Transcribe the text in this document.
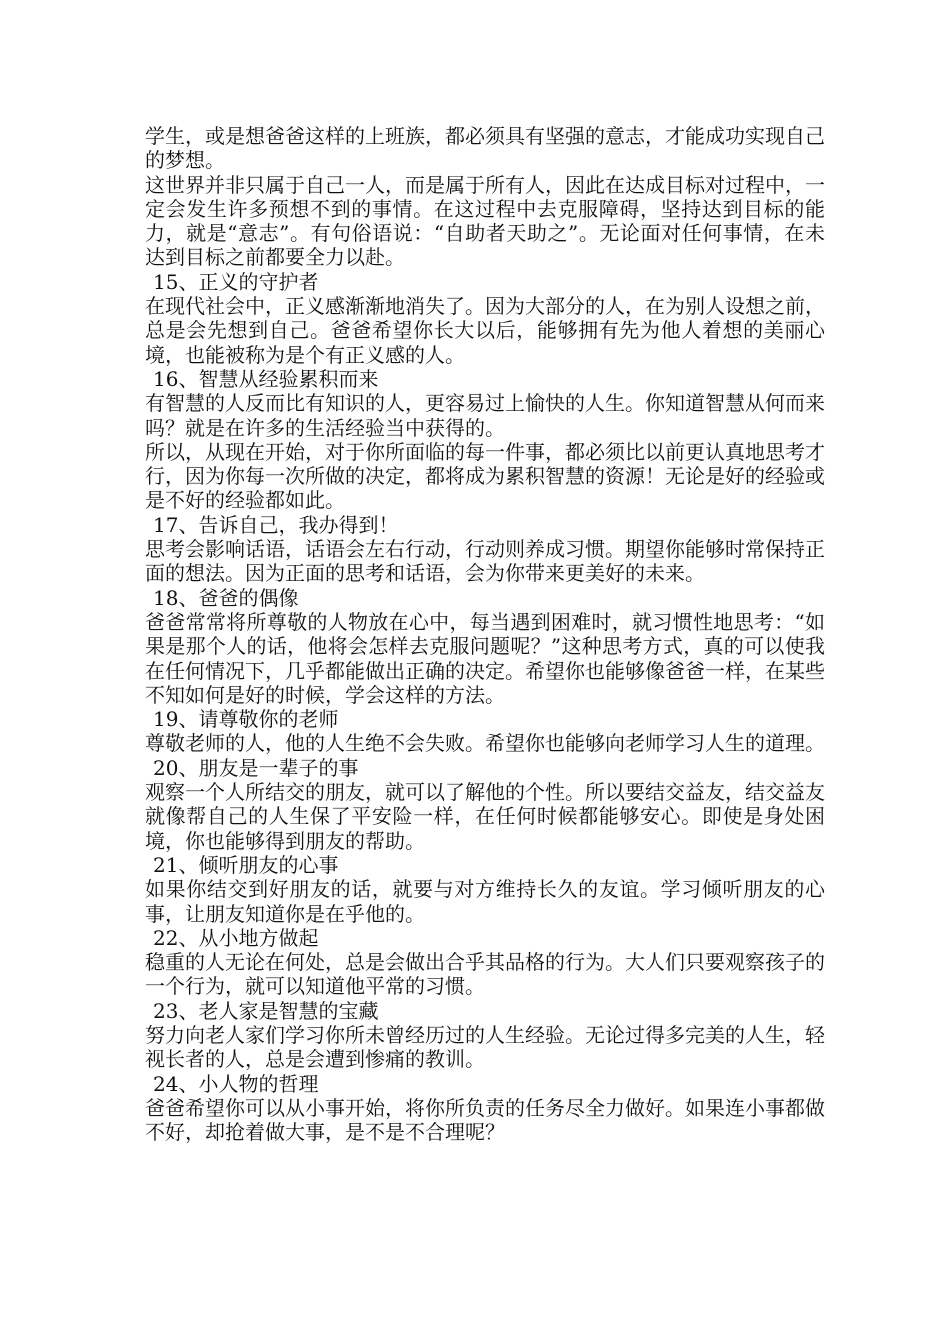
学生，或是想爸爸这样的上班族，都必须具有坚强的意志，才能成功实现自己的梦想。

这世界并非只属于自己一人，而是属于所有人，因此在达成目标对过程中，一定会发生许多预想不到的事情。在这过程中去克服障碍，坚持达到目标的能力，就是“意志”。有句俗语说：“自助者天助之”。无论面对任何事情，在未达到目标之前都要全力以赴。

15、正义的守护者

在现代社会中，正义感渐渐地消失了。因为大部分的人，在为别人设想之前，总是会先想到自己。爸爸希望你长大以后，能够拥有先为他人着想的美丽心境，也能被称为是个有正义感的人。

16、智慧从经验累积而来

有智慧的人反而比有知识的人，更容易过上愉快的人生。你知道智慧从何而来吗？就是在许多的生活经验当中获得的。

所以，从现在开始，对于你所面临的每一件事，都必须比以前更认真地思考才行，因为你每一次所做的决定，都将成为累积智慧的资源！无论是好的经验或是不好的经验都如此。

17、告诉自己，我办得到！

思考会影响话语，话语会左右行动，行动则养成习惯。期望你能够时常保持正面的想法。因为正面的思考和话语，会为你带来更美好的未来。

18、爸爸的偶像

爸爸常常将所尊敬的人物放在心中，每当遇到困难时，就习惯性地思考：“如果是那个人的话，他将会怎样去克服问题呢？”这种思考方式，真的可以使我在任何情况下，几乎都能做出正确的决定。希望你也能够像爸爸一样，在某些不知如何是好的时候，学会这样的方法。

19、请尊敬你的老师

尊敬老师的人，他的人生绝不会失败。希望你也能够向老师学习人生的道理。

20、朋友是一辈子的事

观察一个人所结交的朋友，就可以了解他的个性。所以要结交益友，结交益友就像帮自己的人生保了平安险一样，在任何时候都能够安心。即使是身处困境，你也能够得到朋友的帮助。

21、倾听朋友的心事

如果你结交到好朋友的话，就要与对方维持长久的友谊。学习倾听朋友的心事，让朋友知道你是在乎他的。

22、从小地方做起

稳重的人无论在何处，总是会做出合乎其品格的行为。大人们只要观察孩子的一个行为，就可以知道他平常的习惯。

23、老人家是智慧的宝藏

努力向老人家们学习你所未曾经历过的人生经验。无论过得多完美的人生，轻视长者的人，总是会遭到惨痛的教训。

24、小人物的哲理

爸爸希望你可以从小事开始，将你所负责的任务尽全力做好。如果连小事都做不好，却抢着做大事，是不是不合理呢？
